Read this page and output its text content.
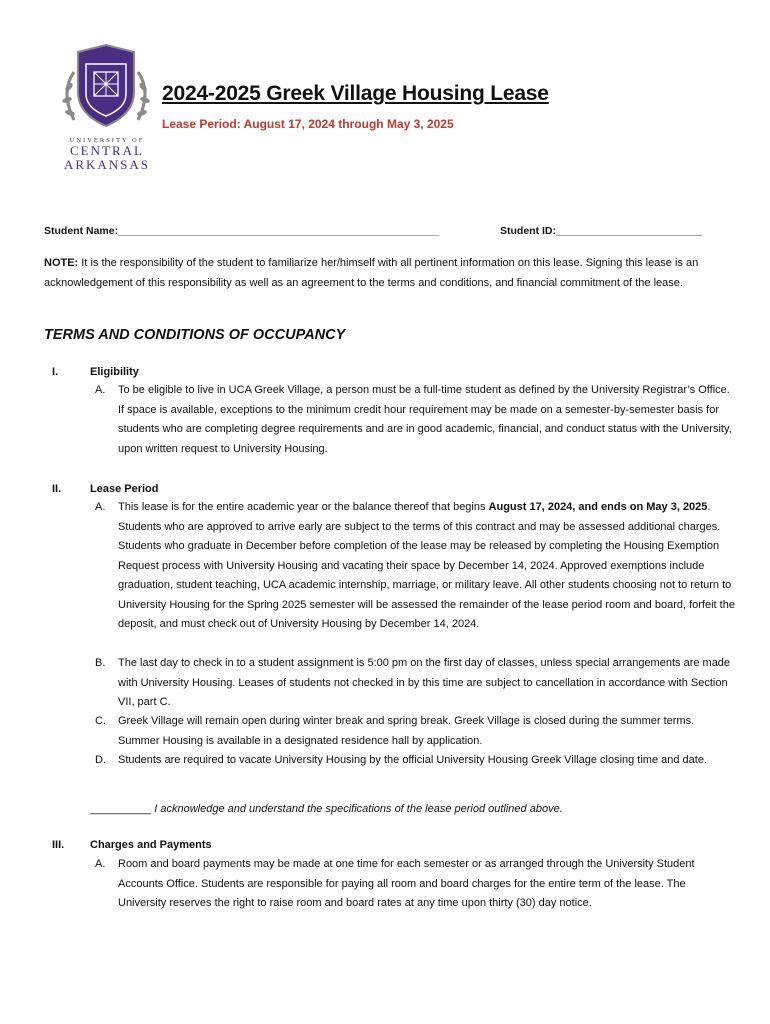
UNIVERSITY OF
CENTRAL
ARKANSAS
2024-2025 Greek Village Housing Lease
Lease Period: August 17, 2024 through May 3, 2025
Student Name:_______________________________________________________	Student ID:_________________________
NOTE: It is the responsibility of the student to familiarize her/himself with all pertinent information on this lease. Signing this lease is an acknowledgement of this responsibility as well as an agreement to the terms and conditions, and financial commitment of the lease.
TERMS AND CONDITIONS OF OCCUPANCY
I.	Eligibility
A. To be eligible to live in UCA Greek Village, a person must be a full-time student as defined by the University Registrar’s Office. If space is available, exceptions to the minimum credit hour requirement may be made on a semester-by-semester basis for students who are completing degree requirements and are in good academic, financial, and conduct status with the University, upon written request to University Housing.
II.	Lease Period
A. This lease is for the entire academic year or the balance thereof that begins August 17, 2024, and ends on May 3, 2025. Students who are approved to arrive early are subject to the terms of this contract and may be assessed additional charges. Students who graduate in December before completion of the lease may be released by completing the Housing Exemption Request process with University Housing and vacating their space by December 14, 2024. Approved exemptions include graduation, student teaching, UCA academic internship, marriage, or military leave. All other students choosing not to return to University Housing for the Spring 2025 semester will be assessed the remainder of the lease period room and board, forfeit the deposit, and must check out of University Housing by December 14, 2024.
B. The last day to check in to a student assignment is 5:00 pm on the first day of classes, unless special arrangements are made with University Housing. Leases of students not checked in by this time are subject to cancellation in accordance with Section VII, part C.
C. Greek Village will remain open during winter break and spring break. Greek Village is closed during the summer terms. Summer Housing is available in a designated residence hall by application.
D. Students are required to vacate University Housing by the official University Housing Greek Village closing time and date.
__________ I acknowledge and understand the specifications of the lease period outlined above.
III. Charges and Payments
A. Room and board payments may be made at one time for each semester or as arranged through the University Student Accounts Office. Students are responsible for paying all room and board charges for the entire term of the lease. The University reserves the right to raise room and board rates at any time upon thirty (30) day notice.
